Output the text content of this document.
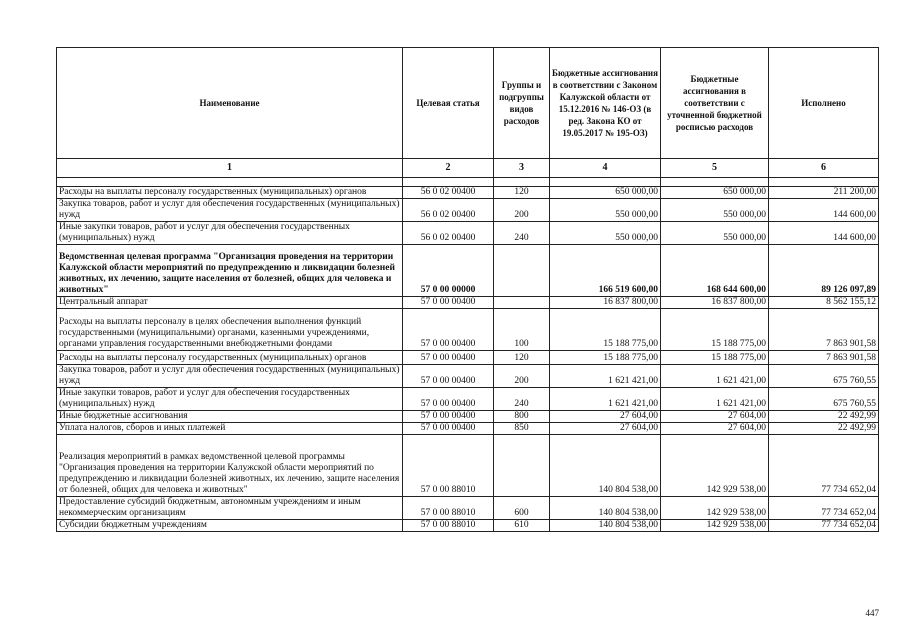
Наименование	Целевая статья	Группы и подгруппы видов расходов	Бюджетные ассигнования в соответствии с Законом Калужской области от 15.12.2016 № 146-ОЗ (в ред. Закона КО от 19.05.2017 № 195-ОЗ)	Бюджетные ассигнования в соответствии с уточненной бюджетной росписью расходов	Исполнено
1	2	3	4	5	6

Расходы на выплаты персоналу государственных (муниципальных) органов	56 0 02 00400	120	650 000,00	650 000,00	211 200,00
Закупка товаров, работ и услуг для обеспечения государственных (муниципальных) нужд	56 0 02 00400	200	550 000,00	550 000,00	144 600,00
Иные закупки товаров, работ и услуг для обеспечения государственных (муниципальных) нужд	56 0 02 00400	240	550 000,00	550 000,00	144 600,00
Ведомственная целевая программа "Организация проведения на территории Калужской области мероприятий по предупреждению и ликвидации болезней животных, их лечению, защите населения от болезней, общих для человека и животных"	57 0 00 00000		166 519 600,00	168 644 600,00	89 126 097,89
Центральный аппарат	57 0 00 00400		16 837 800,00	16 837 800,00	8 562 155,12
Расходы на выплаты персоналу в целях обеспечения выполнения функций государственными (муниципальными) органами, казенными учреждениями, органами управления государственными внебюджетными фондами	57 0 00 00400	100	15 188 775,00	15 188 775,00	7 863 901,58
Расходы на выплаты персоналу государственных (муниципальных) органов	57 0 00 00400	120	15 188 775,00	15 188 775,00	7 863 901,58
Закупка товаров, работ и услуг для обеспечения государственных (муниципальных) нужд	57 0 00 00400	200	1 621 421,00	1 621 421,00	675 760,55
Иные закупки товаров, работ и услуг для обеспечения государственных (муниципальных) нужд	57 0 00 00400	240	1 621 421,00	1 621 421,00	675 760,55
Иные бюджетные ассигнования	57 0 00 00400	800	27 604,00	27 604,00	22 492,99
Уплата налогов, сборов и иных платежей	57 0 00 00400	850	27 604,00	27 604,00	22 492,99
Реализация мероприятий в рамках ведомственной целевой программы "Организация проведения на территории Калужской области мероприятий по предупреждению и ликвидации болезней животных, их лечению, защите населения от болезней, общих для человека и животных"	57 0 00 88010		140 804 538,00	142 929 538,00	77 734 652,04
Предоставление субсидий бюджетным, автономным учреждениям и иным некоммерческим организациям	57 0 00 88010	600	140 804 538,00	142 929 538,00	77 734 652,04
Субсидии бюджетным учреждениям	57 0 00 88010	610	140 804 538,00	142 929 538,00	77 734 652,04
447
